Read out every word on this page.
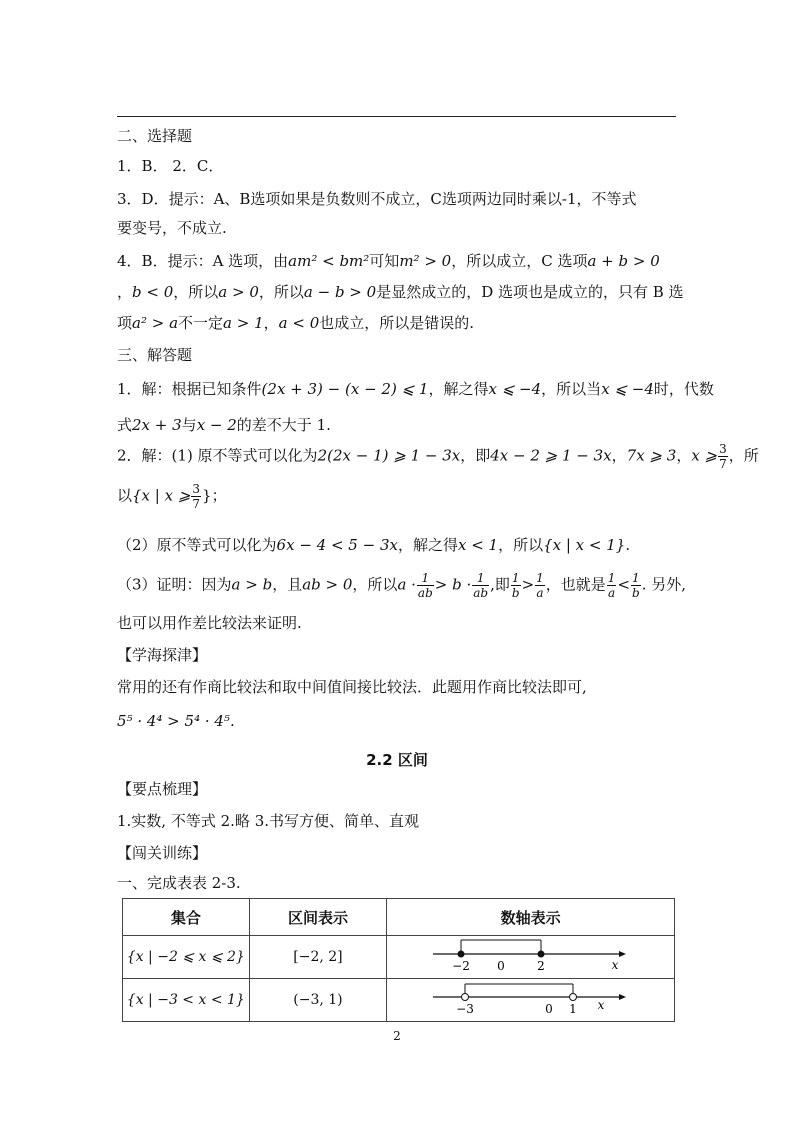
二、选择题
1．B． 2．C．
3．D．提示：A、B选项如果是负数则不成立，C选项两边同时乘以-1，不等式
要变号，不成立.
4．B．提示：A 选项，由am² < bm²可知m² > 0，所以成立，C 选项a + b > 0
，b < 0，所以a > 0，所以a − b > 0是显然成立的，D 选项也是成立的，只有 B 选
项a² > a不一定a > 1，a < 0也成立，所以是错误的.
三、解答题
1．解：根据已知条件(2x + 3) − (x − 2) ⩽ 1，解之得x ⩽ −4，所以当x ⩽ −4时，代数
式2x + 3与x − 2的差不大于 1.
2．解：(1) 原不等式可以化为2(2x − 1) ⩾ 1 − 3x，即4x − 2 ⩾ 1 − 3x，7x ⩾ 3，x ⩾ $\frac{3}{7}$ ，所
以{x | x ⩾ $\frac{3}{7}$ }；
（2）原不等式可以化为6x − 4 < 5 − 3x，解之得x < 1，所以{x | x < 1}.
（3）证明：因为a > b，且ab > 0，所以$a \cdot \frac{1}{ab} > b \cdot \frac{1}{ab}$ ,即 $\frac{1}{b} > \frac{1}{a}$ ，也就是 $\frac{1}{a} < \frac{1}{b}$ . 另外,
也可以用作差比较法来证明.
【学海探津】
常用的还有作商比较法和取中间值间接比较法．此题用作商比较法即可,
5⁵ · 4⁴ > 5⁴ · 4⁵.
2.2 区间
【要点梳理】
1.实数, 不等式 2.略 3.书写方便、简单、直观
【闯关训练】
一、完成表表 2-3.
集合	区间表示	数轴表示
{x | −2 ⩽ x ⩽ 2}	[−2, 2]	−2 0 2 x

{x | −3 < x < 1}	(−3, 1)	−3 0 1 x
2
